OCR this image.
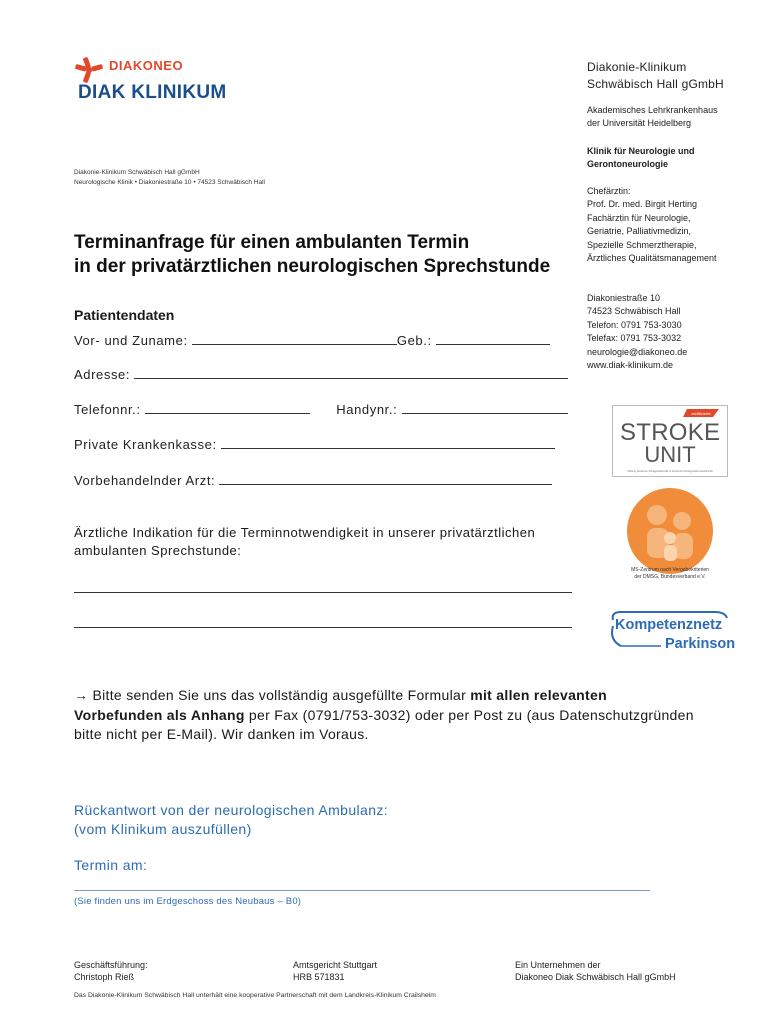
DIAKONEO
DIAK KLINIKUM
Diakonie-Klinikum
Schwäbisch Hall gGmbH
Akademisches Lehrkrankenhaus
der Universität Heidelberg
Klinik für Neurologie und
Gerontoneurologie
Chefärztin:
Prof. Dr. med. Birgit Herting
Fachärztin für Neurologie,
Geriatrie, Palliativmedizin,
Spezielle Schmerztherapie,
Ärztliches Qualitätsmanagement
Diakoniestraße 10
74523 Schwäbisch Hall
Telefon: 0791 753-3030
Telefax: 0791 753-3032
neurologie@diakoneo.de
www.diak-klinikum.de
Diakonie-Klinikum Schwäbisch Hall gGmbH
Neurologische Klinik • Diakoniestraße 10 • 74523 Schwäbisch Hall
Terminanfrage für einen ambulanten Termin
in der privatärztlichen neurologischen Sprechstunde
Patientendaten
Vor- und Zuname:	Geb.:
Adresse:
Telefonnr.:	Handynr.:
Private Krankenkasse:
Vorbehandelnder Arzt:
Ärztliche Indikation für die Terminnotwendigkeit in unserer privatärztlichen ambulanten Sprechstunde:
zertifizierte
STROKE
UNIT
Stiftung Deutsche Schlaganfall-Hilfe & Deutsche Schlaganfall-Gesellschaft
MS-Zentrum nach Vergabekriterien
der DMSG, Bundesverband e.V.
Kompetenznetz
Parkinson
→ Bitte senden Sie uns das vollständig ausgefüllte Formular mit allen relevanten Vorbefunden als Anhang per Fax (0791/753-3032) oder per Post zu (aus Datenschutzgründen bitte nicht per E-Mail). Wir danken im Voraus.
Rückantwort von der neurologischen Ambulanz:
(vom Klinikum auszufüllen)
Termin am:
(Sie finden uns im Erdgeschoss des Neubaus – B0)
Geschäftsführung:
Christoph Rieß
Amtsgericht Stuttgart
HRB 571831
Ein Unternehmen der
Diakoneo Diak Schwäbisch Hall gGmbH
Das Diakonie-Klinikum Schwäbisch Hall unterhält eine kooperative Partnerschaft mit dem Landkreis-Klinikum Crailsheim
